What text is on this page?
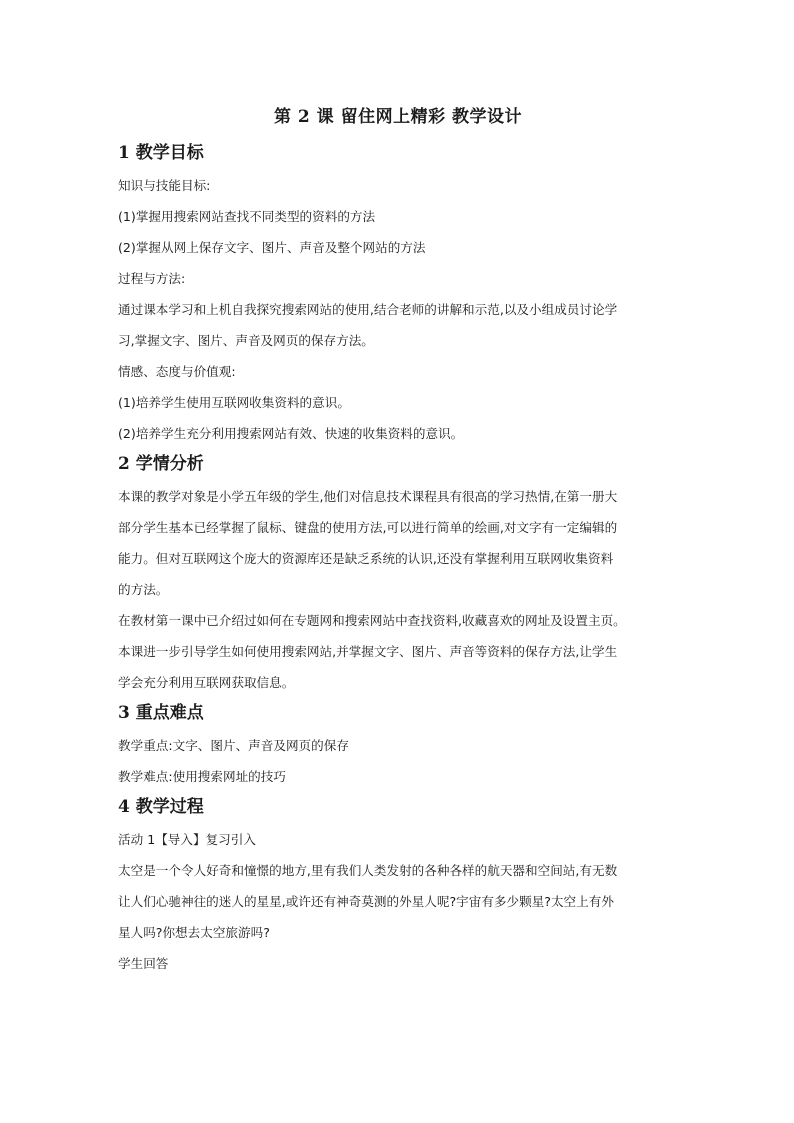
第 2 课 留住网上精彩 教学设计
1 教学目标

知识与技能目标:

(1)掌握用搜索网站查找不同类型的资料的方法

(2)掌握从网上保存文字、图片、声音及整个网站的方法

过程与方法:

通过课本学习和上机自我探究搜索网站的使用,结合老师的讲解和示范,以及小组成员讨论学

习,掌握文字、图片、声音及网页的保存方法。

情感、态度与价值观:

(1)培养学生使用互联网收集资料的意识。

(2)培养学生充分利用搜索网站有效、快速的收集资料的意识。

2 学情分析

本课的教学对象是小学五年级的学生,他们对信息技术课程具有很高的学习热情,在第一册大

部分学生基本已经掌握了鼠标、键盘的使用方法,可以进行简单的绘画,对文字有一定编辑的

能力。但对互联网这个庞大的资源库还是缺乏系统的认识,还没有掌握利用互联网收集资料

的方法。

在教材第一课中已介绍过如何在专题网和搜索网站中查找资料,收藏喜欢的网址及设置主页。

本课进一步引导学生如何使用搜索网站,并掌握文字、图片、声音等资料的保存方法,让学生

学会充分利用互联网获取信息。

3 重点难点

教学重点:文字、图片、声音及网页的保存

教学难点:使用搜索网址的技巧

4 教学过程

活动 1【导入】复习引入

太空是一个令人好奇和憧憬的地方,里有我们人类发射的各种各样的航天器和空间站,有无数

让人们心驰神往的迷人的星星,或许还有神奇莫测的外星人呢?宇宙有多少颗星?太空上有外

星人吗?你想去太空旅游吗?

学生回答
